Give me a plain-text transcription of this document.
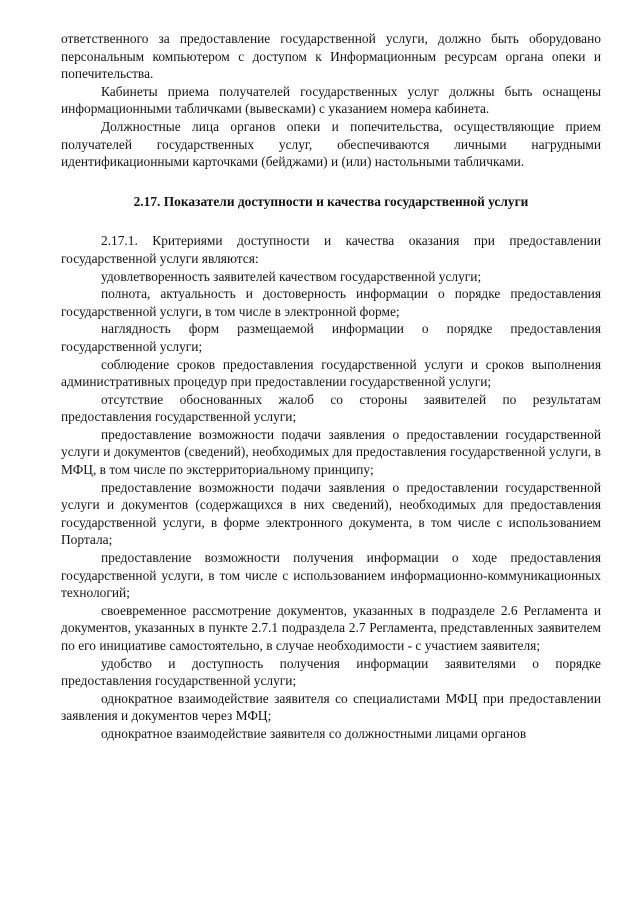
ответственного за предоставление государственной услуги, должно быть оборудовано персональным компьютером с доступом к Информационным ресурсам органа опеки и попечительства.

Кабинеты приема получателей государственных услуг должны быть оснащены информационными табличками (вывесками) с указанием номера кабинета.

Должностные лица органов опеки и попечительства, осуществляющие прием получателей государственных услуг, обеспечиваются личными нагрудными идентификационными карточками (бейджами) и (или) настольными табличками.

2.17. Показатели доступности и качества государственной услуги

2.17.1. Критериями доступности и качества оказания при предоставлении государственной услуги являются:

удовлетворенность заявителей качеством государственной услуги;

полнота, актуальность и достоверность информации о порядке предоставления государственной услуги, в том числе в электронной форме;

наглядность форм размещаемой информации о порядке предоставления государственной услуги;

соблюдение сроков предоставления государственной услуги и сроков выполнения административных процедур при предоставлении государственной услуги;

отсутствие обоснованных жалоб со стороны заявителей по результатам предоставления государственной услуги;

предоставление возможности подачи заявления о предоставлении государственной услуги и документов (сведений), необходимых для предоставления государственной услуги, в МФЦ, в том числе по экстерриториальному принципу;

предоставление возможности подачи заявления о предоставлении государственной услуги и документов (содержащихся в них сведений), необходимых для предоставления государственной услуги, в форме электронного документа, в том числе с использованием Портала;

предоставление возможности получения информации о ходе предоставления государственной услуги, в том числе с использованием информационно-коммуникационных технологий;

своевременное рассмотрение документов, указанных в подразделе 2.6 Регламента и документов, указанных в пункте 2.7.1 подраздела 2.7 Регламента, представленных заявителем по его инициативе самостоятельно, в случае необходимости - с участием заявителя;

удобство и доступность получения информации заявителями о порядке предоставления государственной услуги;

однократное взаимодействие заявителя со специалистами МФЦ при предоставлении заявления и документов через МФЦ;

однократное взаимодействие заявителя со должностными лицами органов
